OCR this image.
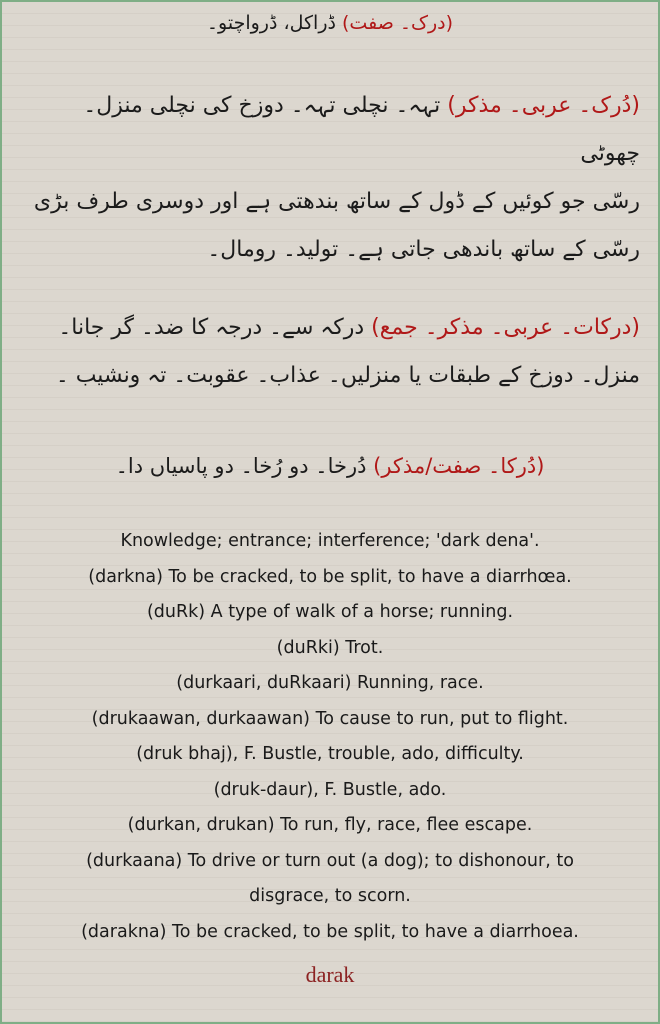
(درک۔ صفت) ڈراکل، ڈرواچتو۔

(دُرک۔ عربی۔ مذکر) تہہ۔ نچلی تہہ۔ دوزخ کی نچلی منزل۔ چھوٹی

رسّی جو کوئیں کے ڈول کے ساتھ بندھتی ہے اور دوسری طرف بڑی

رسّی کے ساتھ باندھی جاتی ہے۔ تولید۔ رومال۔

(درکات۔ عربی۔ مذکر۔ جمع) درکہ سے۔ درجہ کا ضد۔ گر جانا۔

منزل۔ دوزخ کے طبقات یا منزلیں۔ عذاب۔ عقوبت۔ تہ ونشیب ۔

(دُرکا۔ صفت/مذکر) دُرخا۔ دو رُخا۔ دو پاسیاں دا۔

Knowledge; entrance; interference; 'dark dena'.

(darkna) To be cracked, to be split, to have a diarrhœa.

(duRk) A type of walk of a horse; running.

(duRki) Trot.

(durkaari, duRkaari) Running, race.

(drukaawan, durkaawan) To cause to run, put to flight.

(druk bhaj), F. Bustle, trouble, ado, difficulty.

(druk-daur), F. Bustle, ado.

(durkan, drukan) To run, fly, race, flee escape.

(durkaana) To drive or turn out (a dog); to dishonour, to

disgrace, to scorn.

(darakna) To be cracked, to be split, to have a diarrhoea.

darak
